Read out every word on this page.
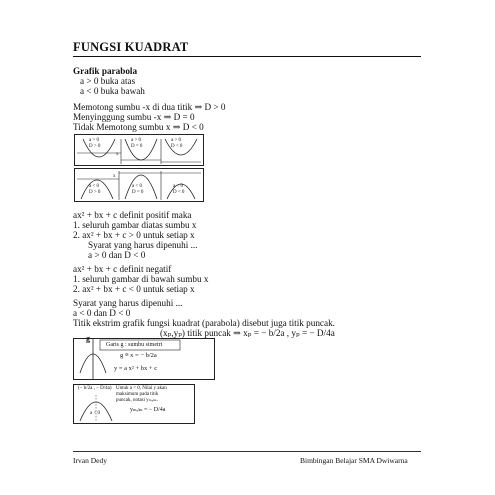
FUNGSI KUADRAT
Grafik parabola
a > 0 buka atas
a < 0 buka bawah
Memotong sumbu -x di dua titik ⇒ D > 0
Menyinggung sumbu -x ⇒ D = 0
Tidak Memotong sumbu x ⇒ D < 0
a > 0
D > 0
a > 0
D = 0
a > 0
D < 0
x
a < 0
D > 0
a < 0
D = 0
a < 0
D < 0
x
ax² + bx + c definit positif maka
1. seluruh gambar diatas sumbu x
2. ax² + bx + c > 0 untuk setiap x
Syarat yang harus dipenuhi ...
a > 0 dan D < 0
ax² + bx + c definit negatif
1. seluruh gambar di bawah sumbu x
2. ax² + bx + c < 0 untuk setiap x
Syarat yang harus dipenuhi ...
a < 0 dan D < 0
Titik ekstrim grafik fungsi kuadrat (parabola) disebut juga titik puncak.
(xₚ,yₚ) titik puncak ⇒ xₚ = − b/2a , yₚ = − D/4a
g
Garis g : sumbu simetri
g ≡ x = − b/2a
y = a x² + bx + c
(− b/2a , − D/4a)
a < 0
Untuk a < 0, Nilai y akan
maksimum pada titik
puncak, notasi yₘₐₖₛ.
yₘₐₖₛ = − D/4a
Irvan Dedy	Bimbingan Belajar SMA Dwiwarna
